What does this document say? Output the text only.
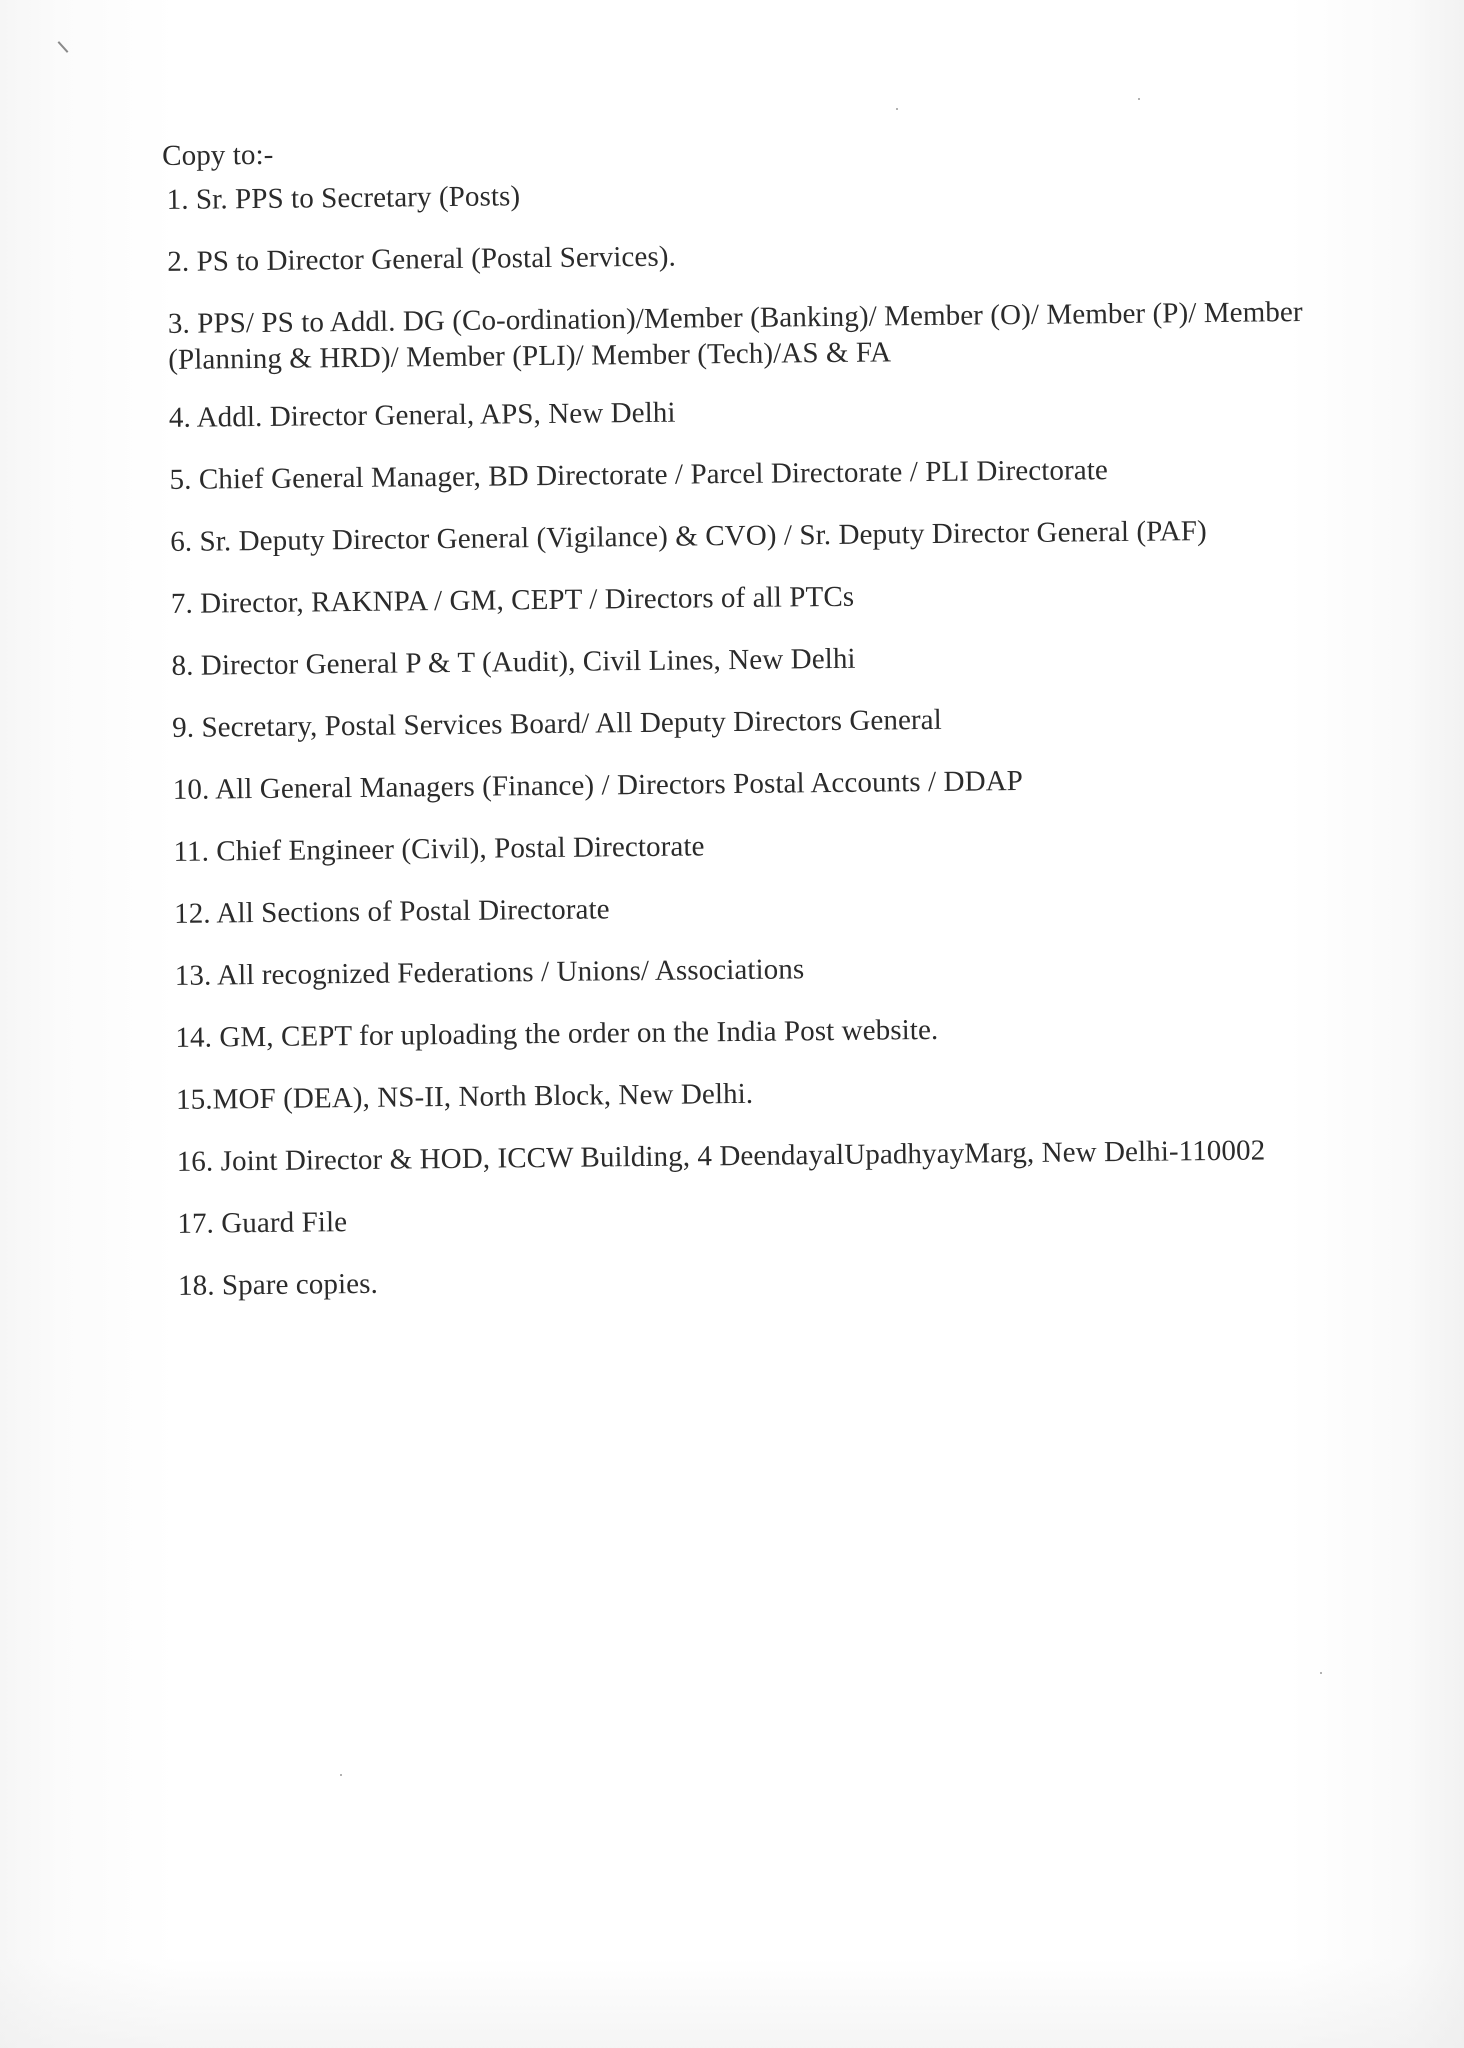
Copy to:-
1. Sr. PPS to Secretary (Posts)
2. PS to Director General (Postal Services).
3. PPS/ PS to Addl. DG (Co-ordination)/Member (Banking)/ Member (O)/ Member (P)/ Member (Planning & HRD)/ Member (PLI)/ Member (Tech)/AS & FA
4. Addl. Director General, APS, New Delhi
5. Chief General Manager, BD Directorate / Parcel Directorate / PLI Directorate
6. Sr. Deputy Director General (Vigilance) & CVO) / Sr. Deputy Director General (PAF)
7. Director, RAKNPA / GM, CEPT / Directors of all PTCs
8. Director General P & T (Audit), Civil Lines, New Delhi
9. Secretary, Postal Services Board/ All Deputy Directors General
10. All General Managers (Finance) / Directors Postal Accounts / DDAP
11. Chief Engineer (Civil), Postal Directorate
12. All Sections of Postal Directorate
13. All recognized Federations / Unions/ Associations
14. GM, CEPT for uploading the order on the India Post website.
15.MOF (DEA), NS-II, North Block, New Delhi.
16. Joint Director & HOD, ICCW Building, 4 DeendayalUpadhyayMarg, New Delhi-110002
17. Guard File
18. Spare copies.
